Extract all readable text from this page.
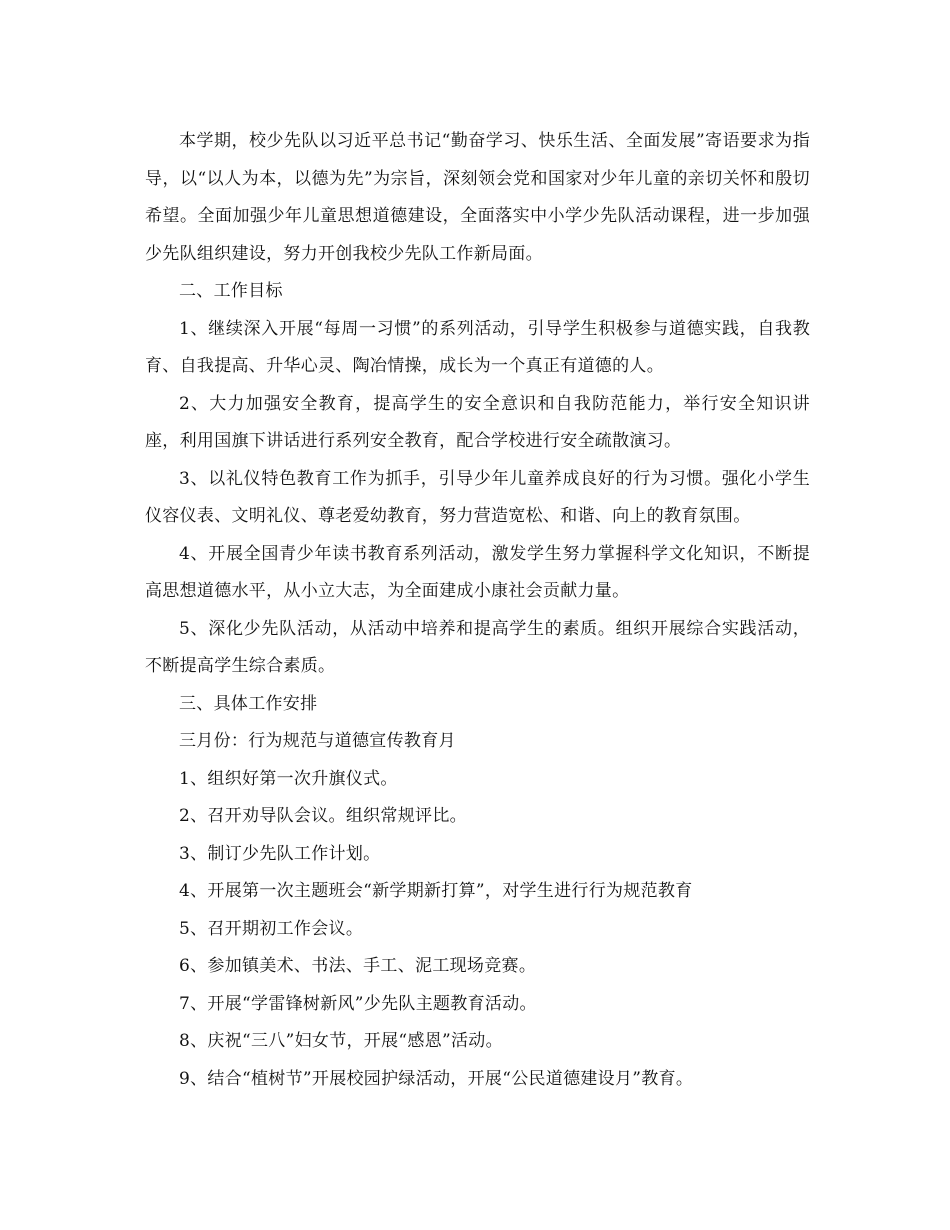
本学期，校少先队以习近平总书记“勤奋学习、快乐生活、全面发展”寄语要求为指导，以“以人为本，以德为先”为宗旨，深刻领会党和国家对少年儿童的亲切关怀和殷切希望。全面加强少年儿童思想道德建设，全面落实中小学少先队活动课程，进一步加强少先队组织建设，努力开创我校少先队工作新局面。

二、工作目标

1、继续深入开展“每周一习惯”的系列活动，引导学生积极参与道德实践，自我教育、自我提高、升华心灵、陶冶情操，成长为一个真正有道德的人。

2、大力加强安全教育，提高学生的安全意识和自我防范能力，举行安全知识讲座，利用国旗下讲话进行系列安全教育，配合学校进行安全疏散演习。

3、以礼仪特色教育工作为抓手，引导少年儿童养成良好的行为习惯。强化小学生仪容仪表、文明礼仪、尊老爱幼教育，努力营造宽松、和谐、向上的教育氛围。

4、开展全国青少年读书教育系列活动，激发学生努力掌握科学文化知识，不断提高思想道德水平，从小立大志，为全面建成小康社会贡献力量。

5、深化少先队活动，从活动中培养和提高学生的素质。组织开展综合实践活动，不断提高学生综合素质。

三、具体工作安排

三月份：行为规范与道德宣传教育月

1、组织好第一次升旗仪式。

2、召开劝导队会议。组织常规评比。

3、制订少先队工作计划。

4、开展第一次主题班会“新学期新打算”，对学生进行行为规范教育

5、召开期初工作会议。

6、参加镇美术、书法、手工、泥工现场竞赛。

7、开展“学雷锋树新风”少先队主题教育活动。

8、庆祝“三八”妇女节，开展“感恩”活动。

9、结合“植树节”开展校园护绿活动，开展“公民道德建设月”教育。
